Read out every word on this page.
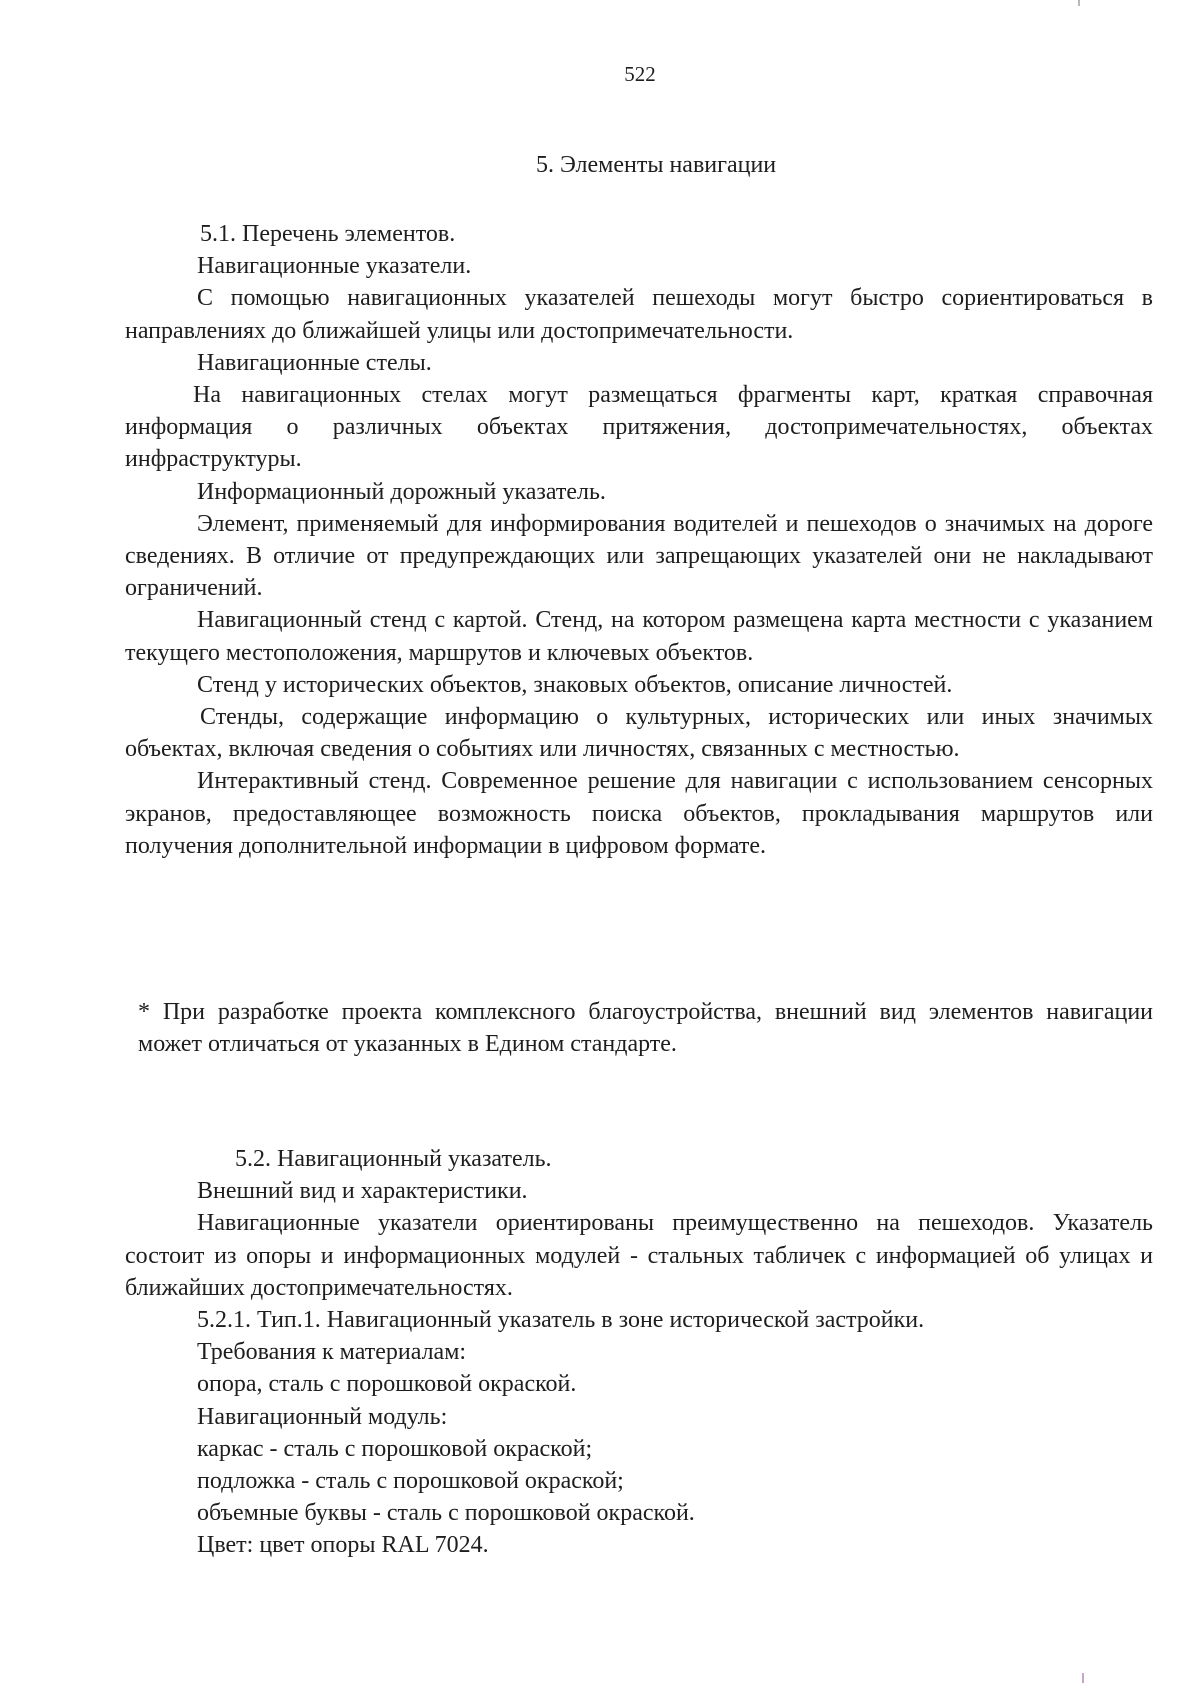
522
5. Элементы навигации
5.1. Перечень элементов.
Навигационные указатели.
С помощью навигационных указателей пешеходы могут быстро сориентироваться в направлениях до ближайшей улицы или достопримечательности.
Навигационные стелы.
На навигационных стелах могут размещаться фрагменты карт, краткая справочная информация о различных объектах притяжения, достопримечательностях, объектах инфраструктуры.
Информационный дорожный указатель.
Элемент, применяемый для информирования водителей и пешеходов о значимых на дороге сведениях. В отличие от предупреждающих или запрещающих указателей они не накладывают ограничений.
Навигационный стенд с картой. Стенд, на котором размещена карта местности с указанием текущего местоположения, маршрутов и ключевых объектов.
Стенд у исторических объектов, знаковых объектов, описание личностей.
Стенды, содержащие информацию о культурных, исторических или иных значимых объектах, включая сведения о событиях или личностях, связанных с местностью.
Интерактивный стенд. Современное решение для навигации с использованием сенсорных экранов, предоставляющее возможность поиска объектов, прокладывания маршрутов или получения дополнительной информации в цифровом формате.
* При разработке проекта комплексного благоустройства, внешний вид элементов навигации может отличаться от указанных в Едином стандарте.
5.2. Навигационный указатель.
Внешний вид и характеристики.
Навигационные указатели ориентированы преимущественно на пешеходов. Указатель состоит из опоры и информационных модулей - стальных табличек с информацией об улицах и ближайших достопримечательностях.
5.2.1. Тип.1. Навигационный указатель в зоне исторической застройки.
Требования к материалам:
опора, сталь с порошковой окраской.
Навигационный модуль:
каркас - сталь с порошковой окраской;
подложка - сталь с порошковой окраской;
объемные буквы - сталь с порошковой окраской.
Цвет: цвет опоры RAL 7024.
